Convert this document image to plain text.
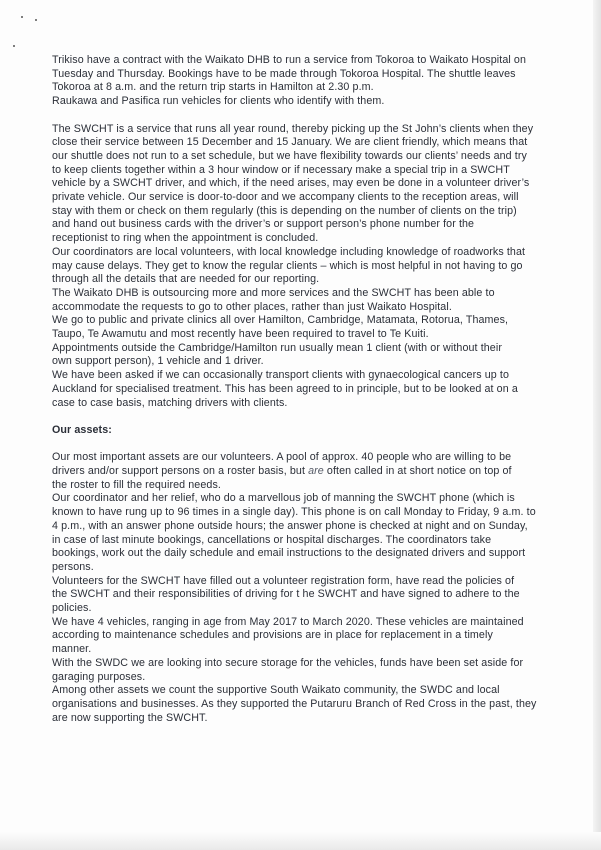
Trikiso have a contract with the Waikato DHB to run a service from Tokoroa to Waikato Hospital on
Tuesday and Thursday. Bookings have to be made through Tokoroa Hospital. The shuttle leaves
Tokoroa at 8 a.m. and the return trip starts in Hamilton at 2.30 p.m.
Raukawa and Pasifica run vehicles for clients who identify with them.
The SWCHT is a service that runs all year round, thereby picking up the St John’s clients when they
close their service between 15 December and 15 January. We are client friendly, which means that
our shuttle does not run to a set schedule, but we have flexibility towards our clients’ needs and try
to keep clients together within a 3 hour window or if necessary make a special trip in a SWCHT
vehicle by a SWCHT driver, and which, if the need arises, may even be done in a volunteer driver’s
private vehicle. Our service is door-to-door and we accompany clients to the reception areas, will
stay with them or check on them regularly (this is depending on the number of clients on the trip)
and hand out business cards with the driver’s or support person’s phone number for the
receptionist to ring when the appointment is concluded.
Our coordinators are local volunteers, with local knowledge including knowledge of roadworks that
may cause delays. They get to know the regular clients – which is most helpful in not having to go
through all the details that are needed for our reporting.
The Waikato DHB is outsourcing more and more services and the SWCHT has been able to
accommodate the requests to go to other places, rather than just Waikato Hospital.
We go to public and private clinics all over Hamilton, Cambridge, Matamata, Rotorua, Thames,
Taupo, Te Awamutu and most recently have been required to travel to Te Kuiti.
Appointments outside the Cambridge/Hamilton run usually mean 1 client (with or without their
own support person), 1 vehicle and 1 driver.
We have been asked if we can occasionally transport clients with gynaecological cancers up to
Auckland for specialised treatment. This has been agreed to in principle, but to be looked at on a
case to case basis, matching drivers with clients.
Our assets:
Our most important assets are our volunteers. A pool of approx. 40 people who are willing to be
drivers and/or support persons on a roster basis, but are often called in at short notice on top of
the roster to fill the required needs.
Our coordinator and her relief, who do a marvellous job of manning the SWCHT phone (which is
known to have rung up to 96 times in a single day). This phone is on call Monday to Friday, 9 a.m. to
4 p.m., with an answer phone outside hours; the answer phone is checked at night and on Sunday,
in case of last minute bookings, cancellations or hospital discharges. The coordinators take
bookings, work out the daily schedule and email instructions to the designated drivers and support
persons.
Volunteers for the SWCHT have filled out a volunteer registration form, have read the policies of
the SWCHT and their responsibilities of driving for t he SWCHT and have signed to adhere to the
policies.
We have 4 vehicles, ranging in age from May 2017 to March 2020. These vehicles are maintained
according to maintenance schedules and provisions are in place for replacement in a timely
manner.
With the SWDC we are looking into secure storage for the vehicles, funds have been set aside for
garaging purposes.
Among other assets we count the supportive South Waikato community, the SWDC and local
organisations and businesses. As they supported the Putaruru Branch of Red Cross in the past, they
are now supporting the SWCHT.
